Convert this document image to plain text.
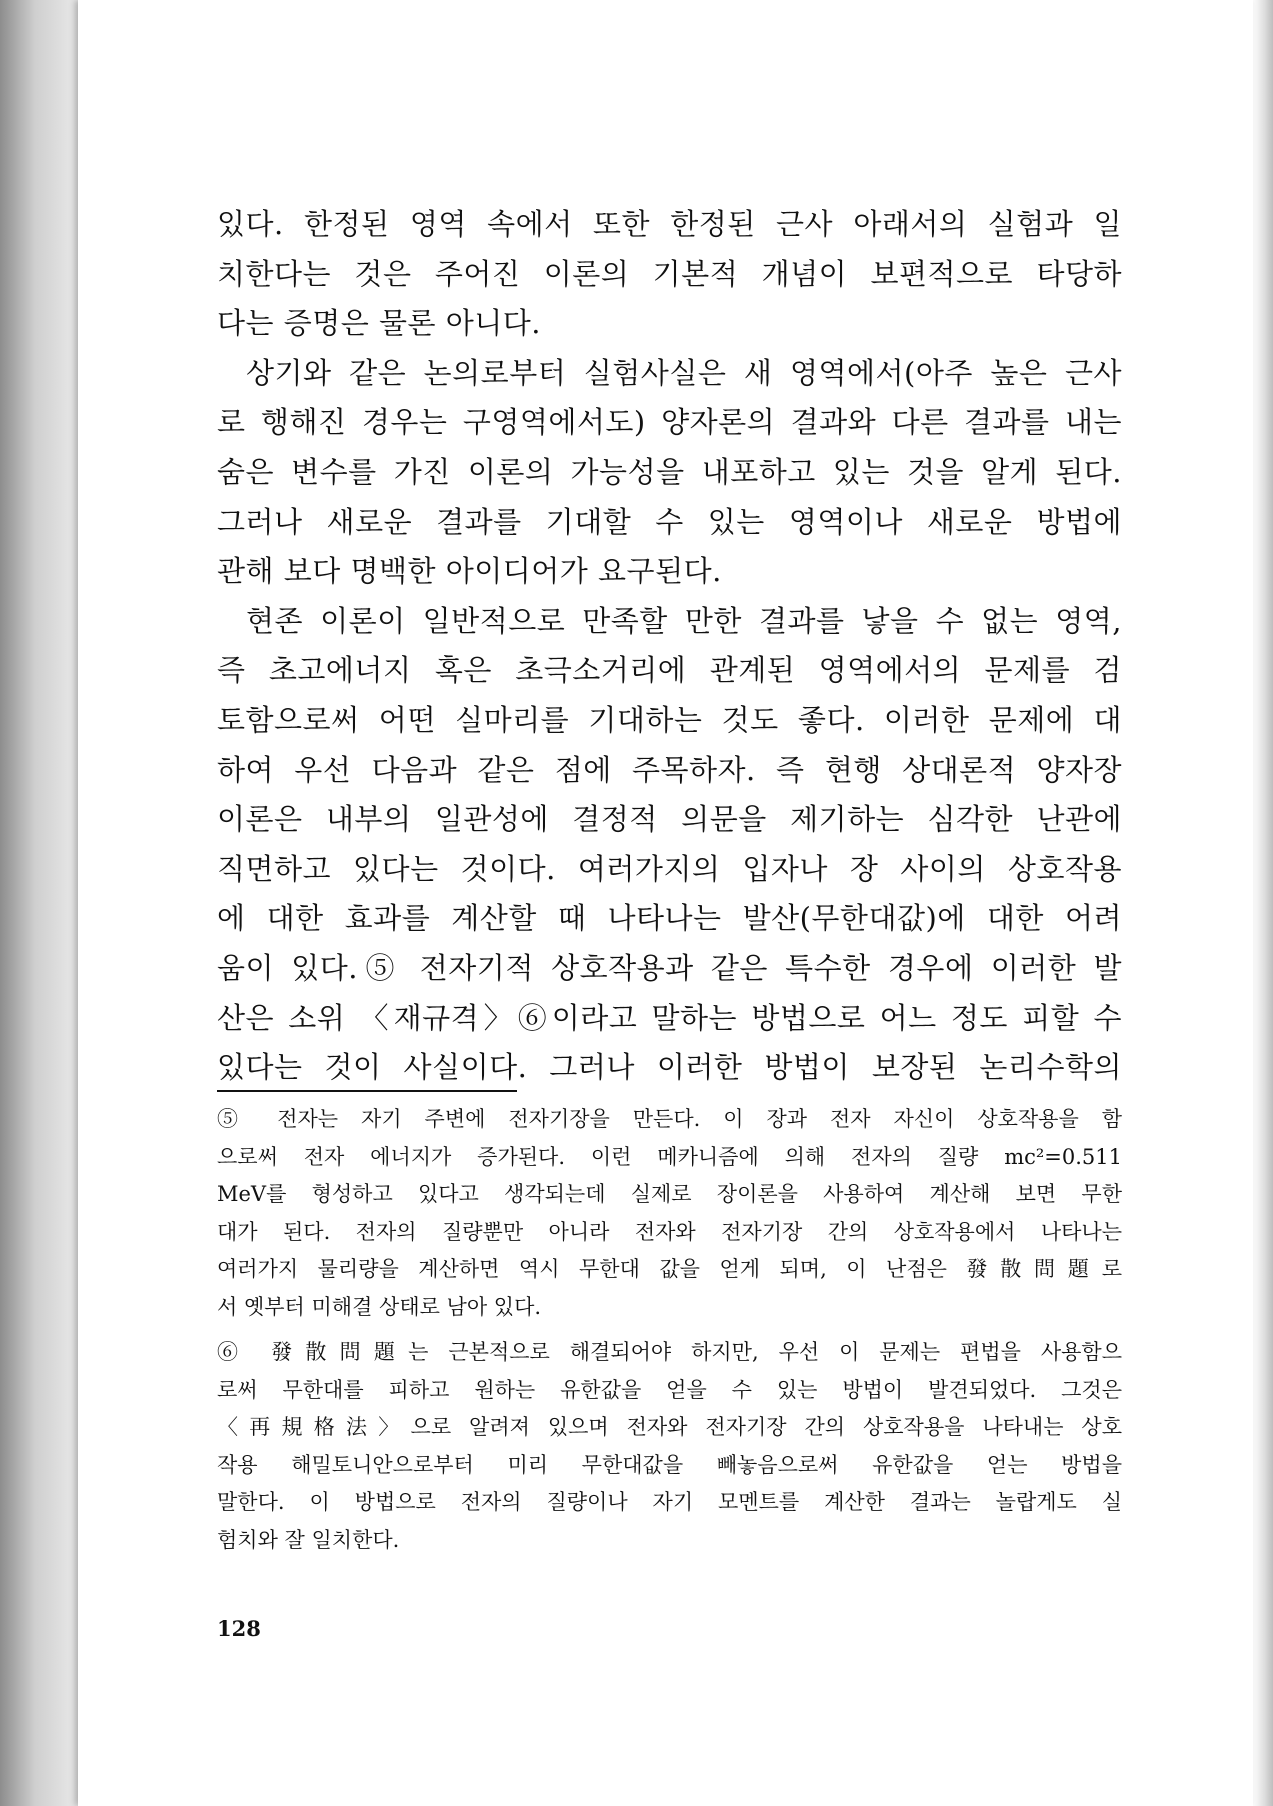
있다. 한정된 영역 속에서 또한 한정된 근사 아래서의 실험과 일

치한다는 것은 주어진 이론의 기본적 개념이 보편적으로 타당하

다는 증명은 물론 아니다.

상기와 같은 논의로부터 실험사실은 새 영역에서(아주 높은 근사

로 행해진 경우는 구영역에서도) 양자론의 결과와 다른 결과를 내는

숨은 변수를 가진 이론의 가능성을 내포하고 있는 것을 알게 된다.

그러나 새로운 결과를 기대할 수 있는 영역이나 새로운 방법에

관해 보다 명백한 아이디어가 요구된다.

현존 이론이 일반적으로 만족할 만한 결과를 낳을 수 없는 영역,

즉 초고에너지 혹은 초극소거리에 관계된 영역에서의 문제를 검

토함으로써 어떤 실마리를 기대하는 것도 좋다. 이러한 문제에 대

하여 우선 다음과 같은 점에 주목하자. 즉 현행 상대론적 양자장

이론은 내부의 일관성에 결정적 의문을 제기하는 심각한 난관에

직면하고 있다는 것이다. 여러가지의 입자나 장 사이의 상호작용

에 대한 효과를 계산할 때 나타나는 발산(무한대값)에 대한 어려

움이 있다.⑤ 전자기적 상호작용과 같은 특수한 경우에 이러한 발

산은 소위 〈재규격〉⑥이라고 말하는 방법으로 어느 정도 피할 수

있다는 것이 사실이다. 그러나 이러한 방법이 보장된 논리수학의

⑤ 전자는 자기 주변에 전자기장을 만든다. 이 장과 전자 자신이 상호작용을 함

으로써 전자 에너지가 증가된다. 이런 메카니즘에 의해 전자의 질량 mc²=0.511

MeV를 형성하고 있다고 생각되는데 실제로 장이론을 사용하여 계산해 보면 무한

대가 된다. 전자의 질량뿐만 아니라 전자와 전자기장 간의 상호작용에서 나타나는

여러가지 물리량을 계산하면 역시 무한대 값을 얻게 되며, 이 난점은 發散問題로

서 옛부터 미해결 상태로 남아 있다.

⑥ 發散問題는 근본적으로 해결되어야 하지만, 우선 이 문제는 편법을 사용함으

로써 무한대를 피하고 원하는 유한값을 얻을 수 있는 방법이 발견되었다. 그것은

〈再規格法〉으로 알려져 있으며 전자와 전자기장 간의 상호작용을 나타내는 상호

작용 해밀토니안으로부터 미리 무한대값을 빼놓음으로써 유한값을 얻는 방법을

말한다. 이 방법으로 전자의 질량이나 자기 모멘트를 계산한 결과는 놀랍게도 실

험치와 잘 일치한다.

128
